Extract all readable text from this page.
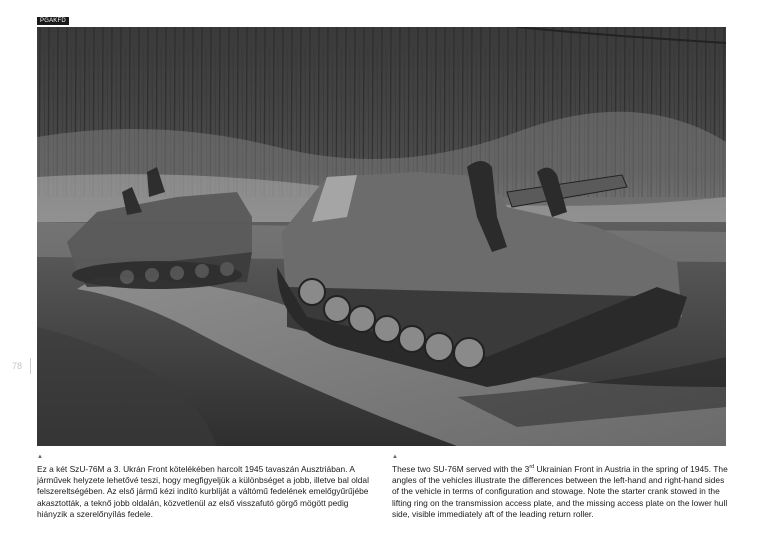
PGAKFD
78
▲	▲

Ez a két SzU-76M a 3. Ukrán Front kötelékében harcolt 1945 tavaszán Ausztriában. A járművek helyzete lehetővé teszi, hogy megfigyeljük a különbséget a jobb, illetve bal oldal felszereltségében. Az első jármű kézi indító kurblíját a váltómű fedelének emelőgyűrűjébe akasztották, a teknő jobb oldalán, közvetlenül az első visszafutó görgő mögött pedig hiányzik a szerelőnyílás fedele.

These two SU-76M served with the 3rd Ukrainian Front in Austria in the spring of 1945. The angles of the vehicles illustrate the differences between the left-hand and right-hand sides of the vehicle in terms of configuration and stowage. Note the starter crank stowed in the lifting ring on the transmission access plate, and the missing access plate on the lower hull side, visible immediately aft of the leading return roller.
